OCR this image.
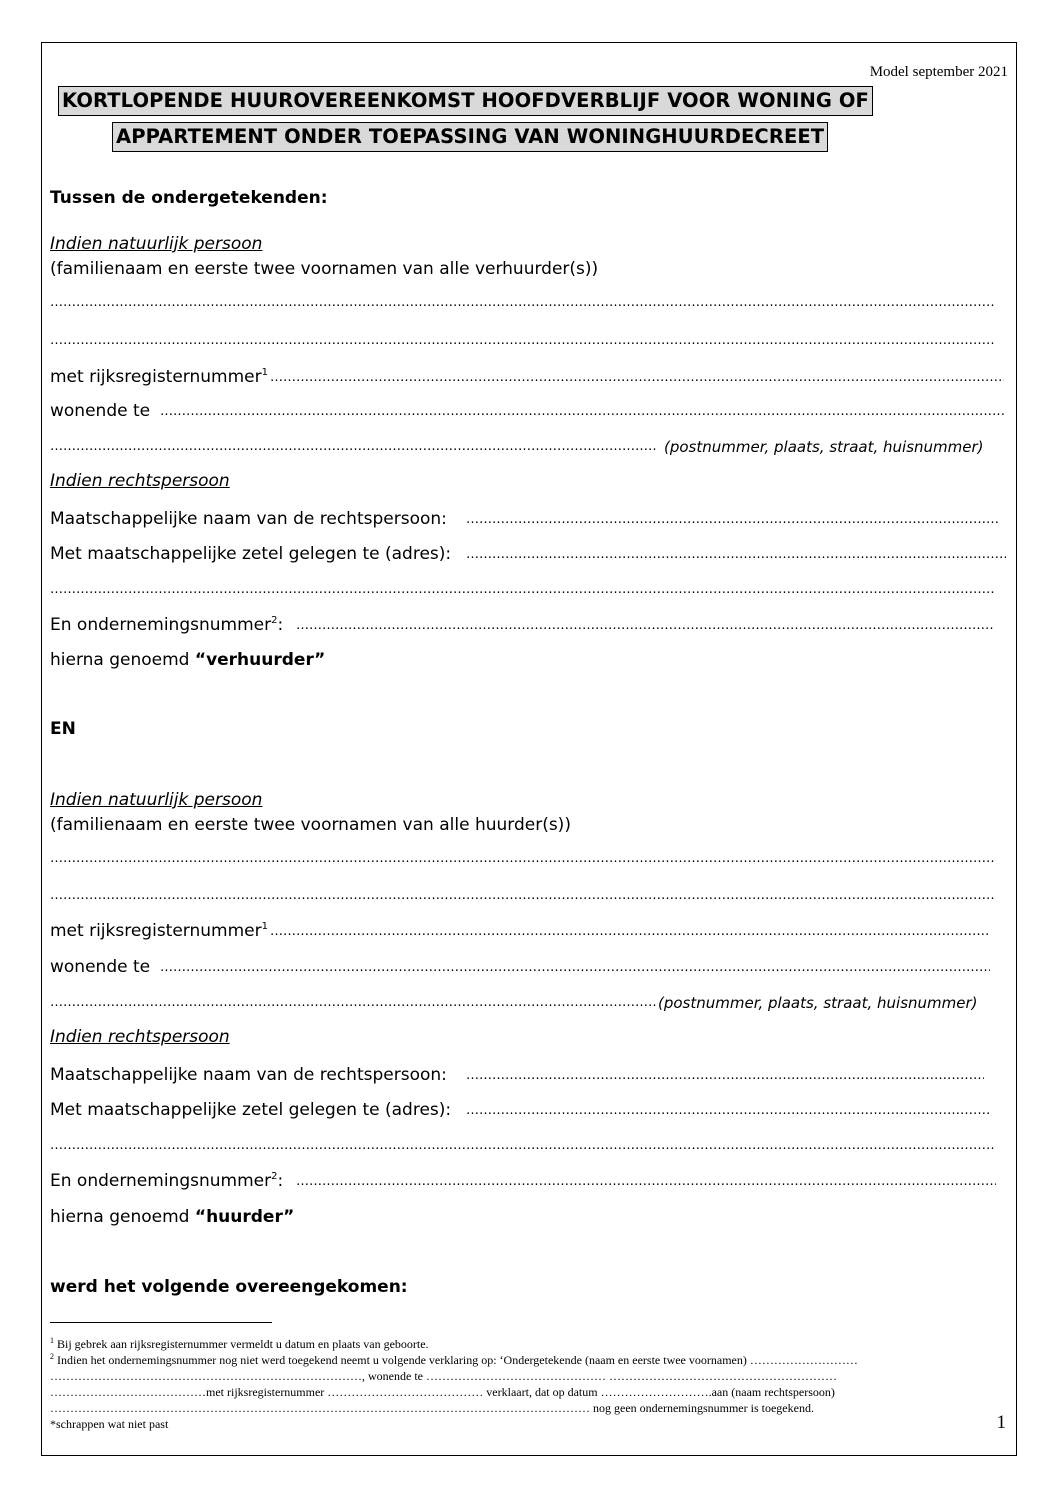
Model september 2021
KORTLOPENDE HUUROVEREENKOMST HOOFDVERBLIJF VOOR WONING OF
APPARTEMENT ONDER TOEPASSING VAN WONINGHUURDECREET
Tussen de ondergetekenden:
Indien natuurlijk persoon
(familienaam en eerste twee voornamen van alle verhuurder(s))
……………………………………………………………………………………………………………………………………………………………………………………………………………………………………………………………………………………
……………………………………………………………………………………………………………………………………………………………………………………………………………………………………………………………………………………
met rijksregisternummer$^1$
……………………………………………………………………………………………………………………………………………………………………………………………………………………………………………………………………………………
wonende te
……………………………………………………………………………………………………………………………………………………………………………………………………………………………………………………………………………………
……………………………………………………………………………………………………………………………………………………………………………………………………………………………………………………………………………………
(postnummer, plaats, straat, huisnummer)
Indien rechtspersoon
Maatschappelijke naam van de rechtspersoon:
……………………………………………………………………………………………………………………………………………………………………………………………………………………………………………………………………………………
Met maatschappelijke zetel gelegen te (adres):
……………………………………………………………………………………………………………………………………………………………………………………………………………………………………………………………………………………
……………………………………………………………………………………………………………………………………………………………………………………………………………………………………………………………………………………
En ondernemingsnummer$^2$:
……………………………………………………………………………………………………………………………………………………………………………………………………………………………………………………………………………………
hierna genoemd “verhuurder”
EN
Indien natuurlijk persoon
(familienaam en eerste twee voornamen van alle huurder(s))
……………………………………………………………………………………………………………………………………………………………………………………………………………………………………………………………………………………
……………………………………………………………………………………………………………………………………………………………………………………………………………………………………………………………………………………
met rijksregisternummer$^1$
……………………………………………………………………………………………………………………………………………………………………………………………………………………………………………………………………………………
wonende te
……………………………………………………………………………………………………………………………………………………………………………………………………………………………………………………………………………………
……………………………………………………………………………………………………………………………………………………………………………………………………………………………………………………………………………………
(postnummer, plaats, straat, huisnummer)
Indien rechtspersoon
Maatschappelijke naam van de rechtspersoon:
……………………………………………………………………………………………………………………………………………………………………………………………………………………………………………………………………………………
Met maatschappelijke zetel gelegen te (adres):
……………………………………………………………………………………………………………………………………………………………………………………………………………………………………………………………………………………
……………………………………………………………………………………………………………………………………………………………………………………………………………………………………………………………………………………
En ondernemingsnummer$^2$:
……………………………………………………………………………………………………………………………………………………………………………………………………………………………………………………………………………………
hierna genoemd “huurder”
werd het volgende overeengekomen:
$^1$ Bij gebrek aan rijksregisternummer vermeldt u datum en plaats van geboorte.
$^2$ Indien het ondernemingsnummer nog niet werd toegekend neemt u volgende verklaring op: ‘Ondergetekende (naam en eerste twee voornamen) ………………………
……………………………………………………………………, wonende te ……………………………………… …………………………………………………
…………………………………met rijksregisternummer ………………………………… verklaart, dat op datum ……………………….aan (naam rechtspersoon)
……………………………………………………………………………………………………………………… nog geen ondernemingsnummer is toegekend.
*schrappen wat niet past	1
